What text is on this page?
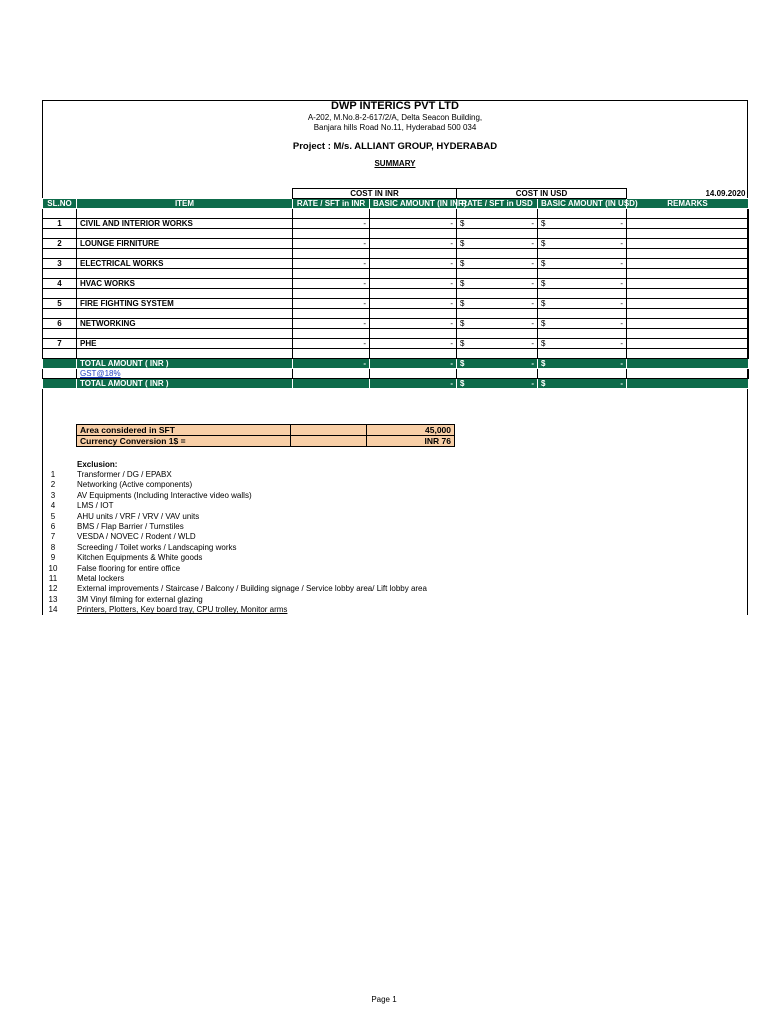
DWP INTERICS PVT LTD
A-202, M.No.8-2-617/2/A, Delta Seacon Building,
Banjara hills Road No.11, Hyderabad 500 034
Project : M/s. ALLIANT GROUP, HYDERABAD
SUMMARY
		COST IN INR		COST IN USD		14.09.2020
SL.NO	ITEM	RATE / SFT in INR	BASIC AMOUNT (IN INR)	RATE / SFT in USD	BASIC AMOUNT (IN USD)	REMARKS

1	CIVIL AND INTERIOR WORKS	-	-	$ -	$ -	

2	LOUNGE FIRNITURE	-	-	$ -	$ -	

3	ELECTRICAL WORKS	-	-	$ -	$ -	

4	HVAC WORKS	-	-	$ -	$ -	

5	FIRE FIGHTING SYSTEM	-	-	$ -	$ -	

6	NETWORKING	-	-	$ -	$ -	

7	PHE	-	-	$ -	$ -	

	TOTAL AMOUNT ( INR )	-	-	$ -	$ -	

	GST@18%					
	TOTAL AMOUNT ( INR )		-	$ -	$ -	

Area considered in SFT		45,000
Currency Conversion 1$ =		INR 76
Exclusion:
1	Transformer / DG / EPABX
2	Networking (Active components)
3	AV Equipments (Including Interactive video walls)
4	LMS / IOT
5	AHU units / VRF / VRV / VAV units
6	BMS / Flap Barrier / Turnstiles
7	VESDA / NOVEC / Rodent / WLD
8	Screeding / Toilet works / Landscaping works
9	Kitchen Equipments & White goods
10	False flooring for entire office
11	Metal lockers
12	External improvements / Staircase / Balcony / Building signage / Service lobby area/ Lift lobby area
13	3M Vinyl filming for external glazing
14	Printers, Plotters, Key board tray, CPU trolley, Monitor arms
Page 1
